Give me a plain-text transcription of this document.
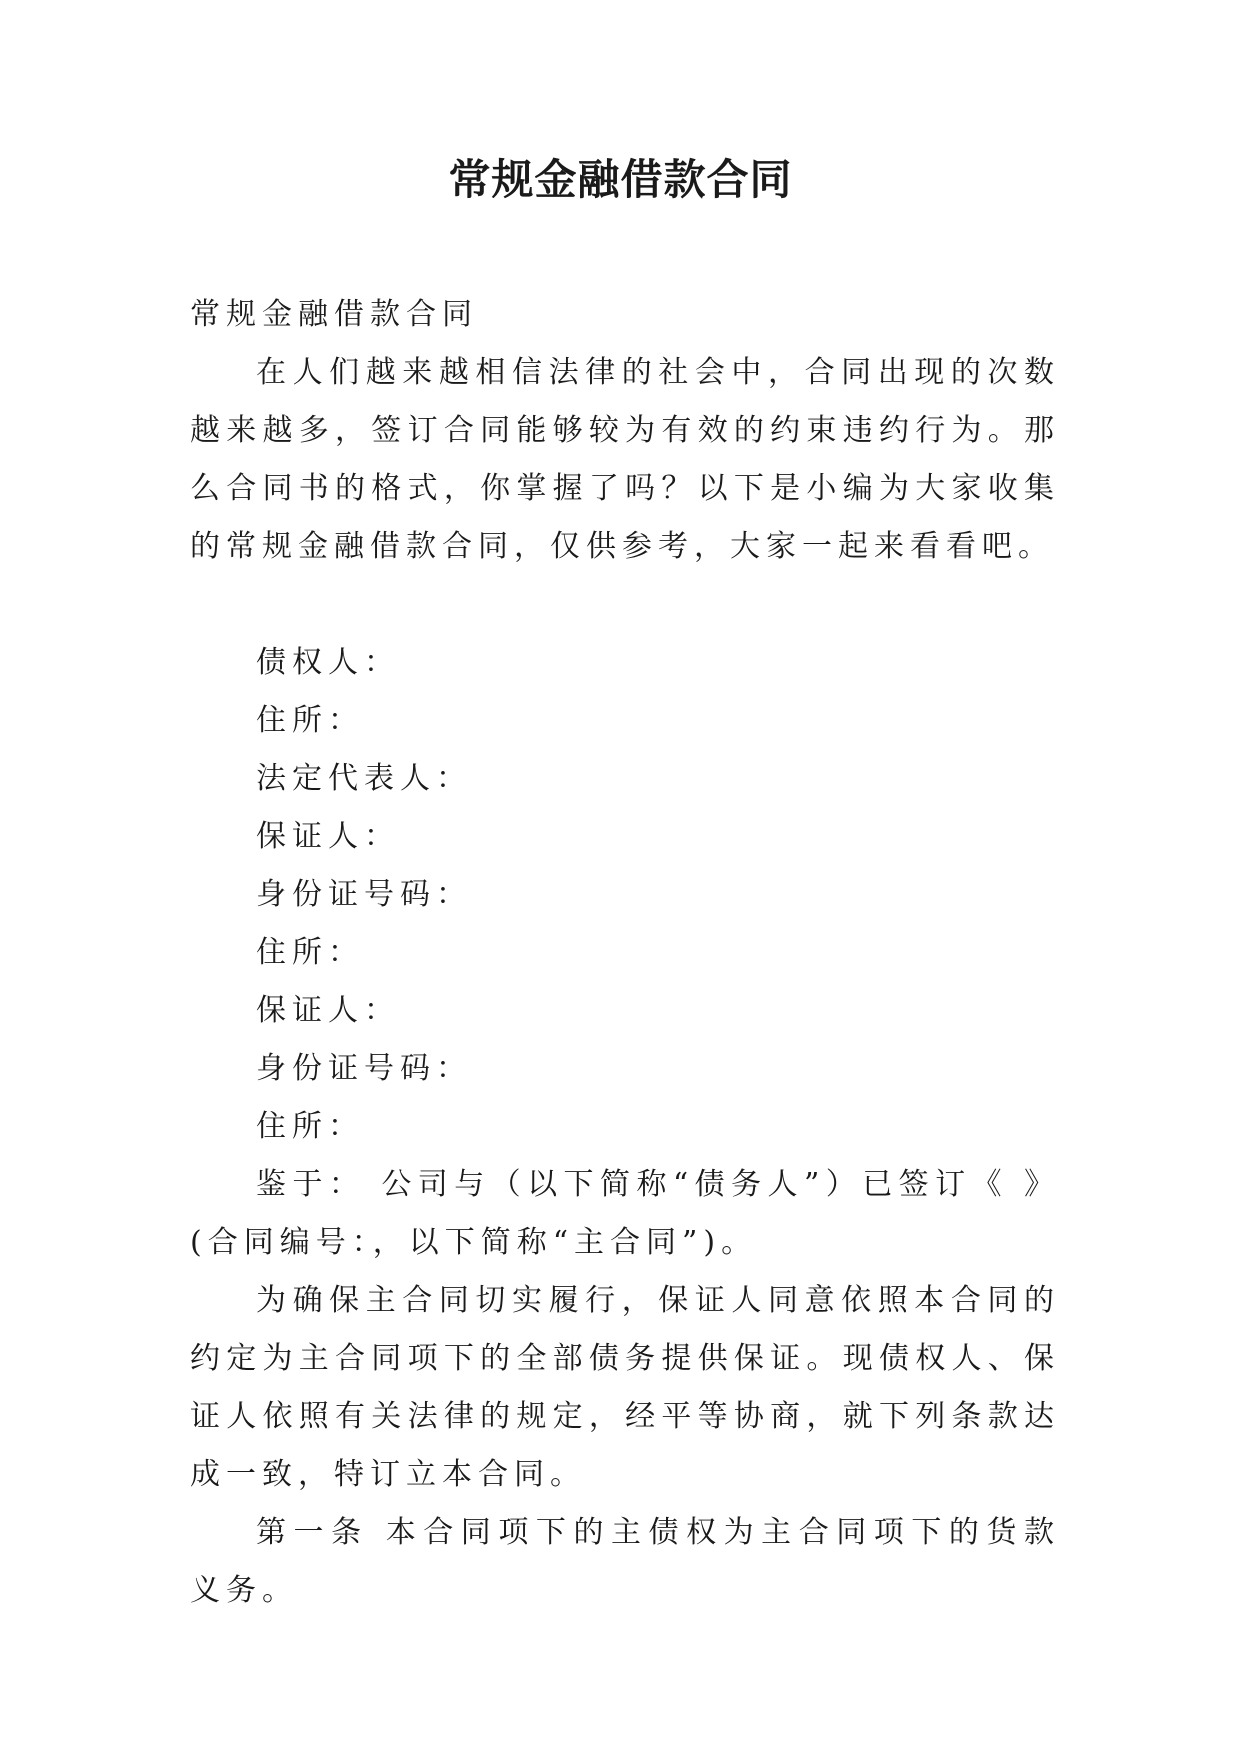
常规金融借款合同

常规金融借款合同

在人们越来越相信法律的社会中，合同出现的次数越来越多，签订合同能够较为有效的约束违约行为。那么合同书的格式，你掌握了吗？以下是小编为大家收集的常规金融借款合同，仅供参考，大家一起来看看吧。

债权人：

住所：

法定代表人：

保证人：

身份证号码：

住所：

保证人：

身份证号码：

住所：

鉴于： 公司与（以下简称“债务人”）已签订《 》(合同编号：，以下简称“主合同”)。

为确保主合同切实履行，保证人同意依照本合同的约定为主合同项下的全部债务提供保证。现债权人、保证人依照有关法律的规定，经平等协商，就下列条款达成一致，特订立本合同。

第一条 本合同项下的主债权为主合同项下的货款义务。
